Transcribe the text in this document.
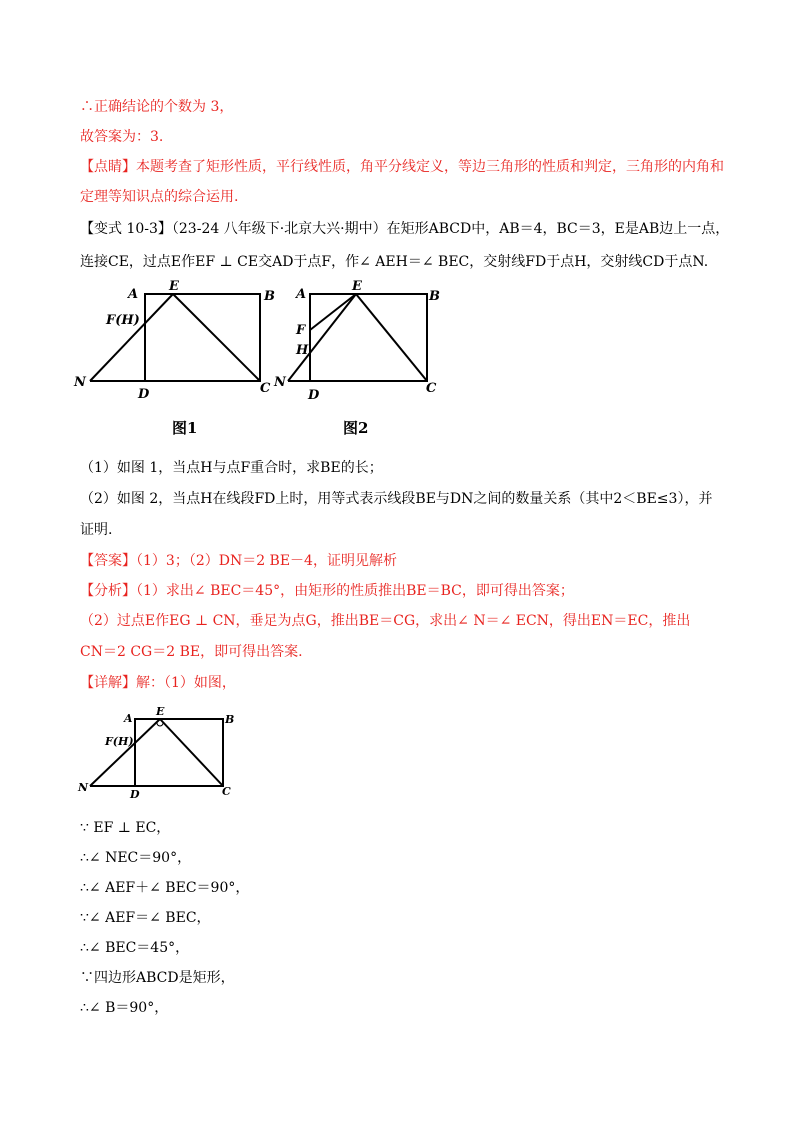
∴正确结论的个数为 3，
故答案为：3.
【点睛】本题考查了矩形性质，平行线性质，角平分线定义，等边三角形的性质和判定，三角形的内角和
定理等知识点的综合运用.
【变式 10-3】（23-24 八年级下·北京大兴·期中）在矩形ABCD中，AB＝4，BC＝3，E是AB边上一点，
连接CE，过点E作EF ⊥ CE交AD于点F，作∠ AEH＝∠ BEC，交射线FD于点H，交射线CD于点N.
A
E
B
F(H)
N
D	C
图1
A
E
B
F
H
N
D	C
图2
（1）如图 1，当点H与点F重合时，求BE的长；
（2）如图 2，当点H在线段FD上时，用等式表示线段BE与DN之间的数量关系（其中2＜BE≤3），并
证明.
【答案】（1）3；（2）DN＝2 BE－4，证明见解析
【分析】（1）求出∠ BEC＝45°，由矩形的性质推出BE＝BC，即可得出答案；
（2）过点E作EG ⊥ CN，垂足为点G，推出BE＝CG，求出∠ N＝∠ ECN，得出EN＝EC，推出
CN＝2 CG＝2 BE，即可得出答案.
【详解】解：（1）如图，
A
E
B
F(H)
N
D	C
∵ EF ⊥ EC，
∴∠ NEC＝90°，
∴∠ AEF＋∠ BEC＝90°，
∵∠ AEF＝∠ BEC，
∴∠ BEC＝45°，
∵四边形ABCD是矩形，
∴∠ B＝90°，
